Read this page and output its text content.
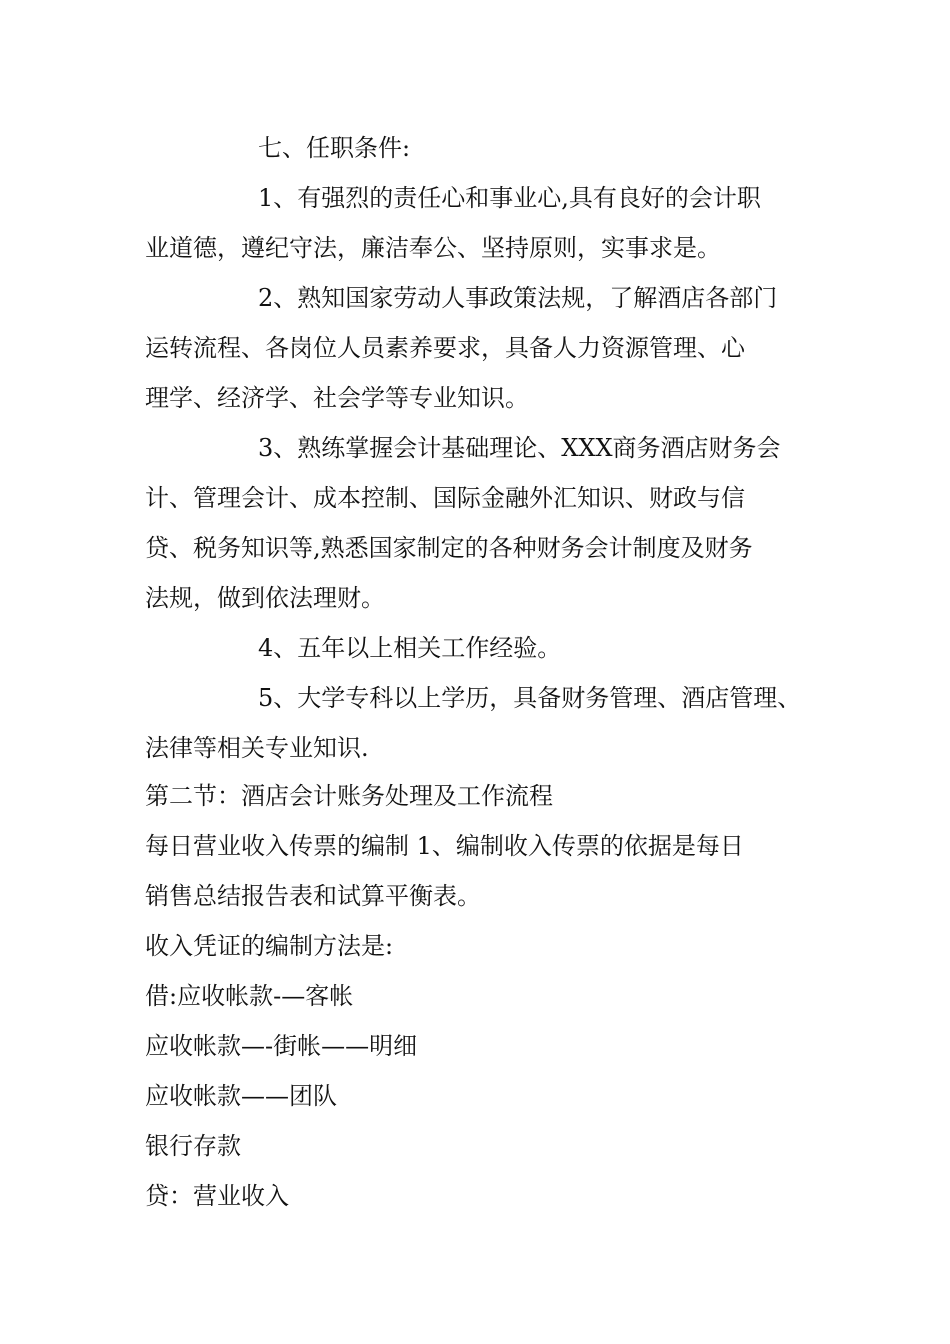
七、任职条件:
1、有强烈的责任心和事业心,具有良好的会计职
业道德，遵纪守法，廉洁奉公、坚持原则，实事求是。
2、熟知国家劳动人事政策法规，了解酒店各部门
运转流程、各岗位人员素养要求，具备人力资源管理、心
理学、经济学、社会学等专业知识。
3、熟练掌握会计基础理论、XXX商务酒店财务会
计、管理会计、成本控制、国际金融外汇知识、财政与信
贷、税务知识等,熟悉国家制定的各种财务会计制度及财务
法规，做到依法理财。
4、五年以上相关工作经验。
5、大学专科以上学历，具备财务管理、酒店管理、
法律等相关专业知识.
第二节：酒店会计账务处理及工作流程
每日营业收入传票的编制 1、编制收入传票的依据是每日
销售总结报告表和试算平衡表。
收入凭证的编制方法是:
借:应收帐款-—客帐
应收帐款—-街帐——明细
应收帐款——团队
银行存款
贷：营业收入
